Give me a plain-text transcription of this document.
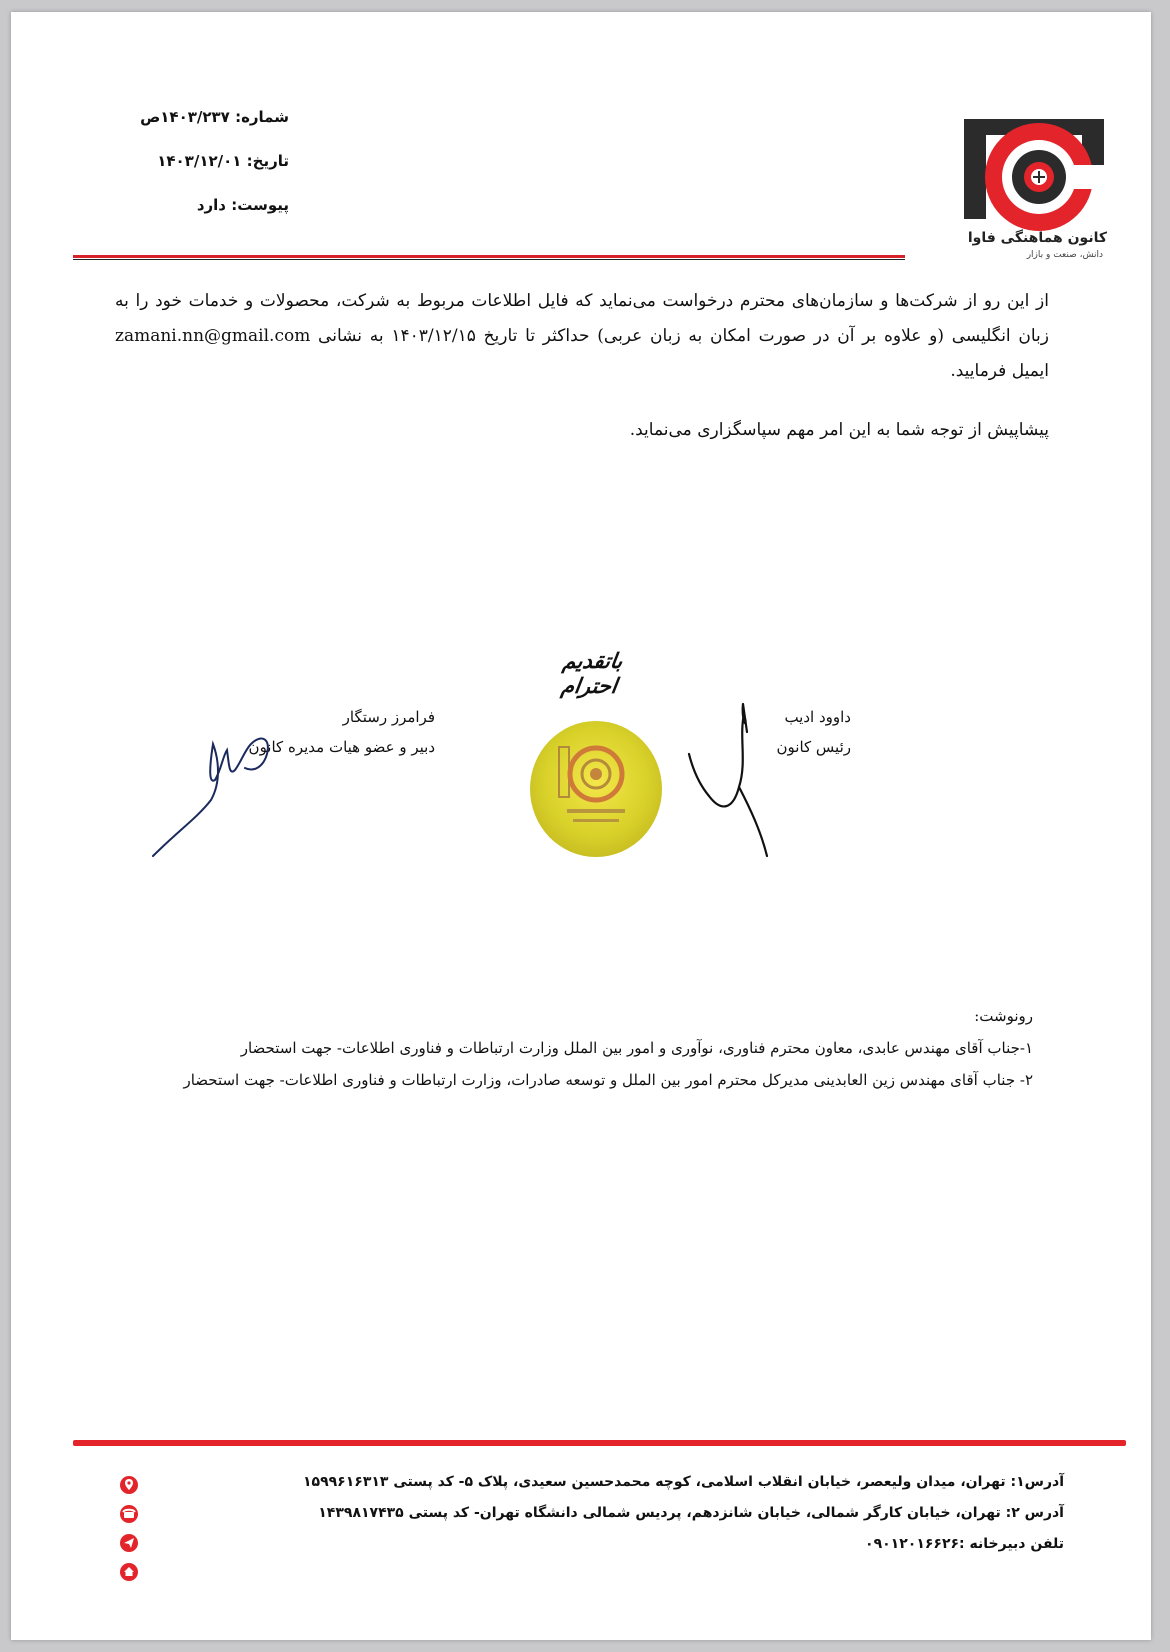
شماره: ۱۴۰۳/۲۳۷ص
تاریخ: ۱۴۰۳/۱۲/۰۱
پیوست: دارد
کانون هماهنگی فاوا
دانش، صنعت و بازار
از این رو از شرکت‌ها و سازمان‌های محترم درخواست می‌نماید که فایل اطلاعات مربوط به شرکت، محصولات و خدمات خود را به زبان انگلیسی (و علاوه بر آن در صورت امکان به زبان عربی) حداکثر تا تاریخ ۱۴۰۳/۱۲/۱۵ به نشانی zamani.nn@gmail.com ایمیل فرمایید.
پیشاپیش از توجه شما به این امر مهم سپاسگزاری می‌نماید.
باتقدیم احترام
داوود ادیب
رئیس کانون
فرامرز رستگار
دبیر و عضو هیات مدیره کانون
رونوشت:
۱-جناب آقای مهندس عابدی، معاون محترم فناوری، نوآوری و امور بین الملل وزارت ارتباطات و فناوری اطلاعات- جهت استحضار
۲- جناب آقای مهندس زین العابدینی مدیرکل محترم امور بین الملل و توسعه صادرات، وزارت ارتباطات و فناوری اطلاعات- جهت استحضار
آدرس۱: تهران، میدان ولیعصر، خیابان انقلاب اسلامی، کوچه محمدحسین سعیدی، پلاک ۵- کد پستی ۱۵۹۹۶۱۶۳۱۳
آدرس ۲: تهران، خیابان کارگر شمالی، خیابان شانزدهم، پردیس شمالی دانشگاه تهران- کد پستی ۱۴۳۹۸۱۷۴۳۵
تلفن دبیرخانه :۰۹۰۱۲۰۱۶۶۲۶
